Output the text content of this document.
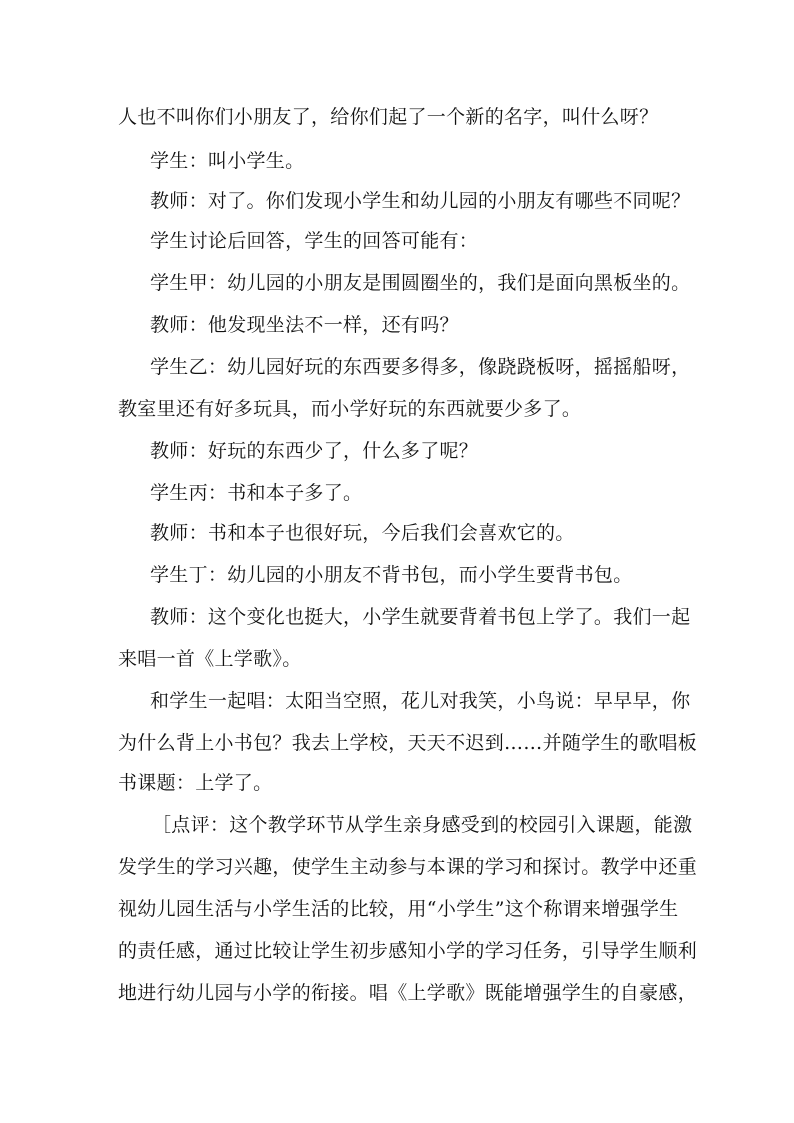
人也不叫你们小朋友了，给你们起了一个新的名字，叫什么呀？
学生：叫小学生。
教师：对了。你们发现小学生和幼儿园的小朋友有哪些不同呢？
学生讨论后回答，学生的回答可能有：
学生甲：幼儿园的小朋友是围圆圈坐的，我们是面向黑板坐的。
教师：他发现坐法不一样，还有吗？
学生乙：幼儿园好玩的东西要多得多，像跷跷板呀，摇摇船呀，
教室里还有好多玩具，而小学好玩的东西就要少多了。
教师：好玩的东西少了，什么多了呢？
学生丙：书和本子多了。
教师：书和本子也很好玩，今后我们会喜欢它的。
学生丁：幼儿园的小朋友不背书包，而小学生要背书包。
教师：这个变化也挺大，小学生就要背着书包上学了。我们一起
来唱一首《上学歌》。
和学生一起唱：太阳当空照，花儿对我笑，小鸟说：早早早，你
为什么背上小书包？我去上学校，天天不迟到……并随学生的歌唱板
书课题：上学了。
［点评：这个教学环节从学生亲身感受到的校园引入课题，能激
发学生的学习兴趣，使学生主动参与本课的学习和探讨。教学中还重
视幼儿园生活与小学生活的比较，用“小学生”这个称谓来增强学生
的责任感，通过比较让学生初步感知小学的学习任务，引导学生顺利
地进行幼儿园与小学的衔接。唱《上学歌》既能增强学生的自豪感，
